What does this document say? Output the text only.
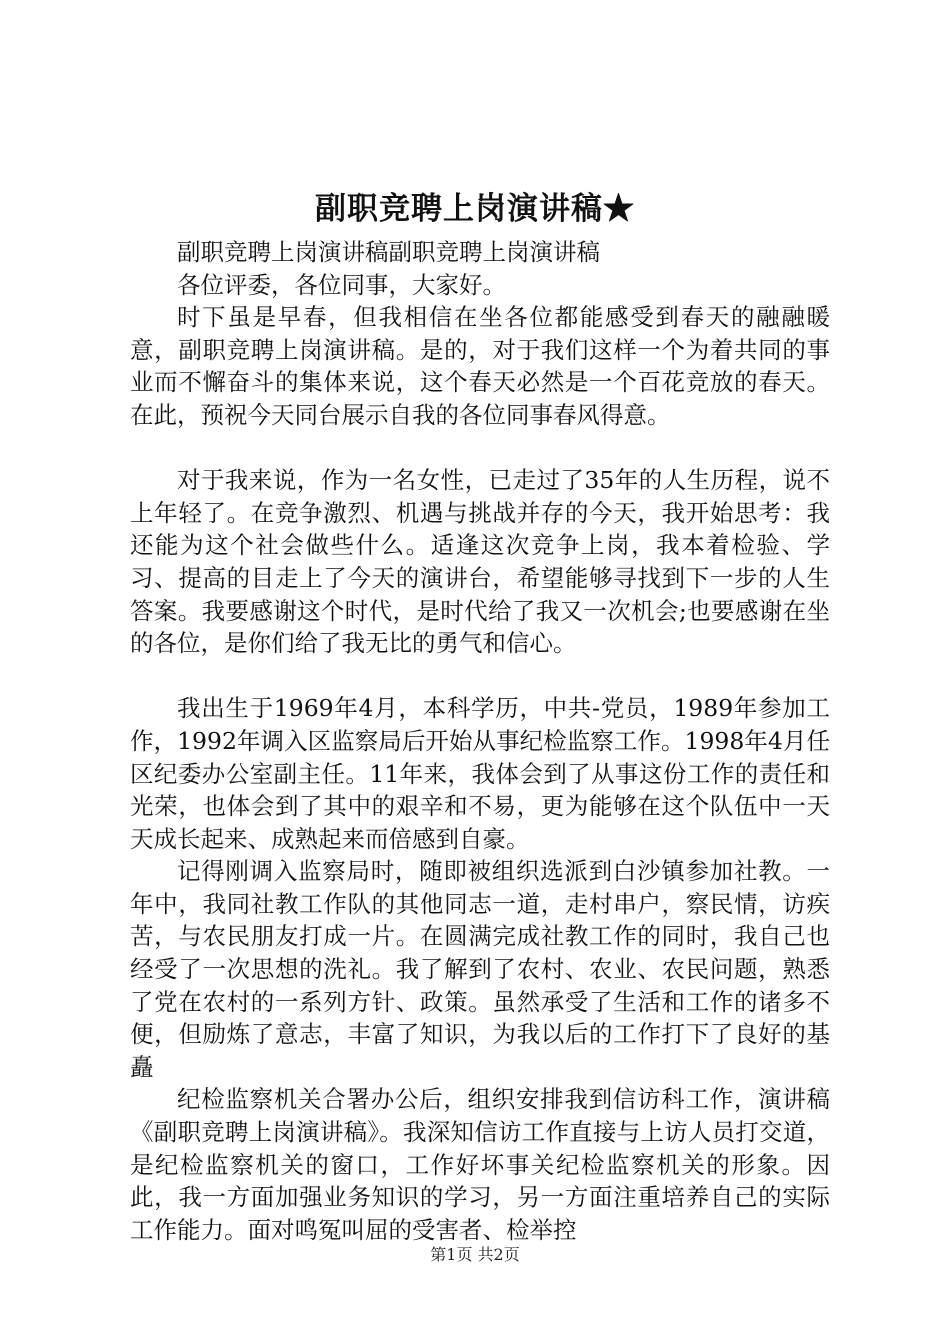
副职竞聘上岗演讲稿★

副职竞聘上岗演讲稿副职竞聘上岗演讲稿

各位评委，各位同事，大家好。

时下虽是早春，但我相信在坐各位都能感受到春天的融融暖意，副职竞聘上岗演讲稿。是的，对于我们这样一个为着共同的事业而不懈奋斗的集体来说，这个春天必然是一个百花竞放的春天。在此，预祝今天同台展示自我的各位同事春风得意。

对于我来说，作为一名女性，已走过了35年的人生历程，说不上年轻了。在竞争激烈、机遇与挑战并存的今天，我开始思考：我还能为这个社会做些什么。适逢这次竞争上岗，我本着检验、学习、提高的目走上了今天的演讲台，希望能够寻找到下一步的人生答案。我要感谢这个时代，是时代给了我又一次机会;也要感谢在坐的各位，是你们给了我无比的勇气和信心。

我出生于1969年4月，本科学历，中共-党员，1989年参加工作，1992年调入区监察局后开始从事纪检监察工作。1998年4月任区纪委办公室副主任。11年来，我体会到了从事这份工作的责任和光荣，也体会到了其中的艰辛和不易，更为能够在这个队伍中一天天成长起来、成熟起来而倍感到自豪。

记得刚调入监察局时，随即被组织选派到白沙镇参加社教。一年中，我同社教工作队的其他同志一道，走村串户，察民情，访疾苦，与农民朋友打成一片。在圆满完成社教工作的同时，我自己也经受了一次思想的洗礼。我了解到了农村、农业、农民问题，熟悉了党在农村的一系列方针、政策。虽然承受了生活和工作的诸多不便，但励炼了意志，丰富了知识，为我以后的工作打下了良好的基矗

纪检监察机关合署办公后，组织安排我到信访科工作，演讲稿《副职竞聘上岗演讲稿》。我深知信访工作直接与上访人员打交道，是纪检监察机关的窗口，工作好坏事关纪检监察机关的形象。因此，我一方面加强业务知识的学习，另一方面注重培养自己的实际工作能力。面对鸣冤叫屈的受害者、检举控

第1页 共2页
